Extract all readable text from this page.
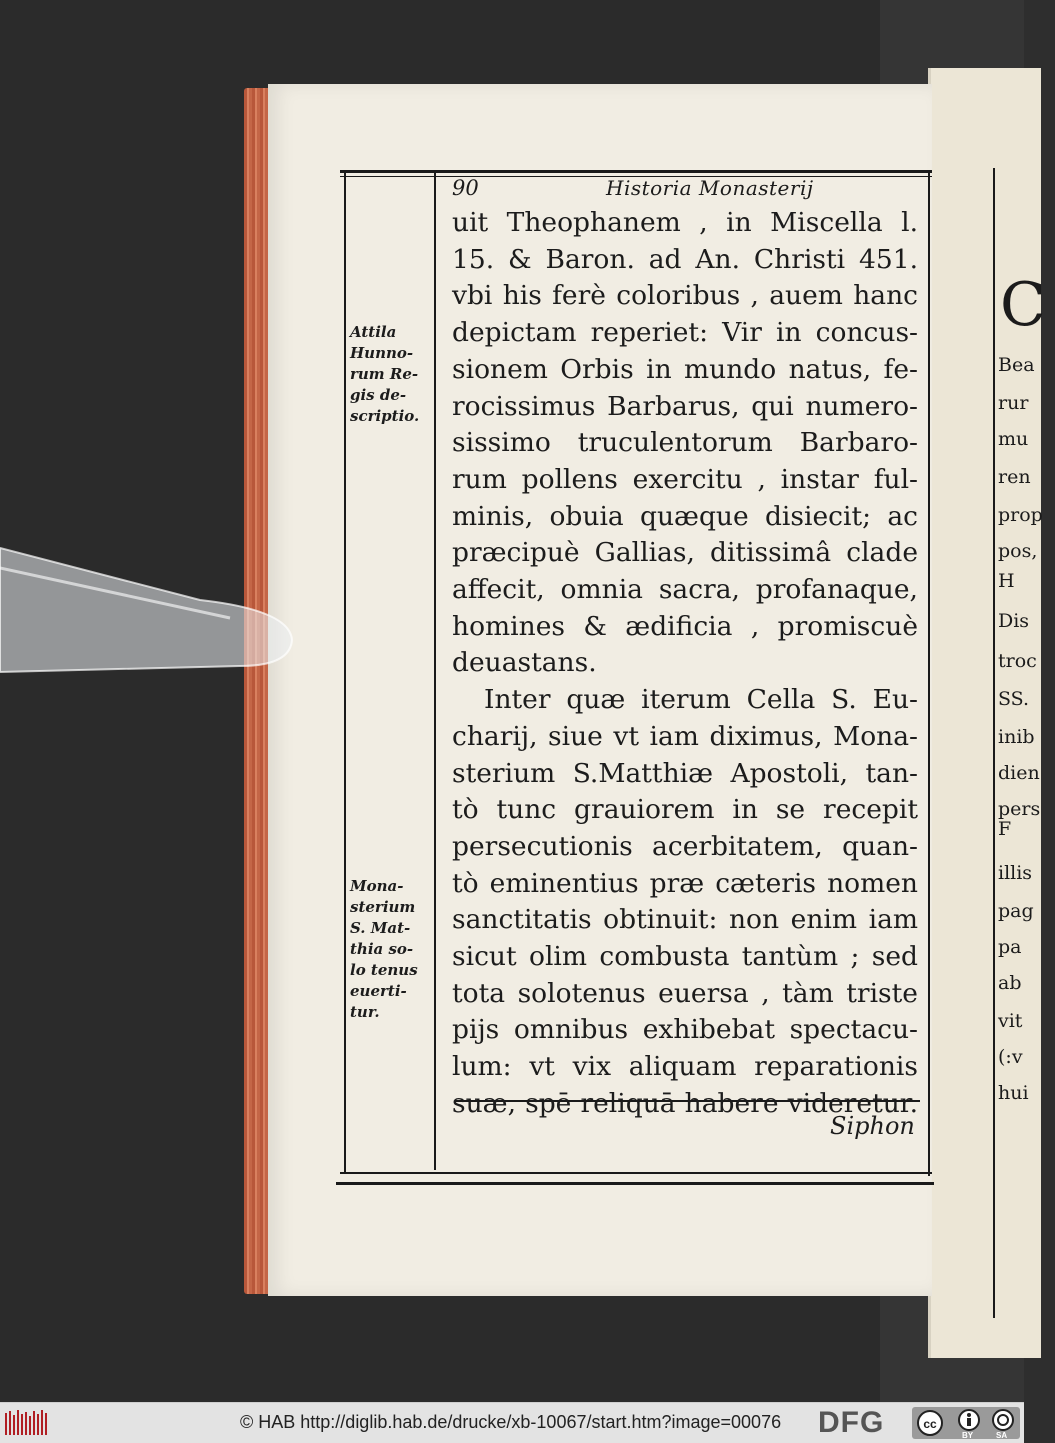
C
Bea
rur
mu
ren
prop
pos,
H
Dis
troc
SS.
inib
dien
pers
F
illis
pag
pa
ab
vit
(:v
hui
90	Historia Monasterij
uit Theophanem , in Miscella l.
15. & Baron. ad An. Christi 451.
vbi his ferè coloribus , auem hanc
depictam reperiet: Vir in concus-
sionem Orbis in mundo natus, fe-
rocissimus Barbarus, qui numero-
sissimo truculentorum Barbaro-
rum pollens exercitu , instar ful-
minis, obuia quæque disiecit; ac
præcipuè Gallias, ditissimâ clade
affecit, omnia sacra, profanaque,
homines & ædificia , promiscuè
deuastans.
Inter quæ iterum Cella S. Eu-
charij, siue vt iam diximus, Mona-
sterium S.Matthiæ Apostoli, tan-
tò tunc grauiorem in se recepit
persecutionis acerbitatem, quan-
tò eminentius præ cæteris nomen
sanctitatis obtinuit: non enim iam
sicut olim combusta tantùm ; sed
tota solotenus euersa , tàm triste
pijs omnibus exhibebat spectacu-
lum: vt vix aliquam reparationis
suæ, spē reliquā habere videretur.
Attila
Hunno-
rum Re-
gis de-
scriptio.
Mona-
sterium
S. Mat-
thia so-
lo tenus
euerti-
tur.
Siphon
© HAB http://diglib.hab.de/drucke/xb-10067/start.htm?image=00076 DFG	cc
BY	SA
